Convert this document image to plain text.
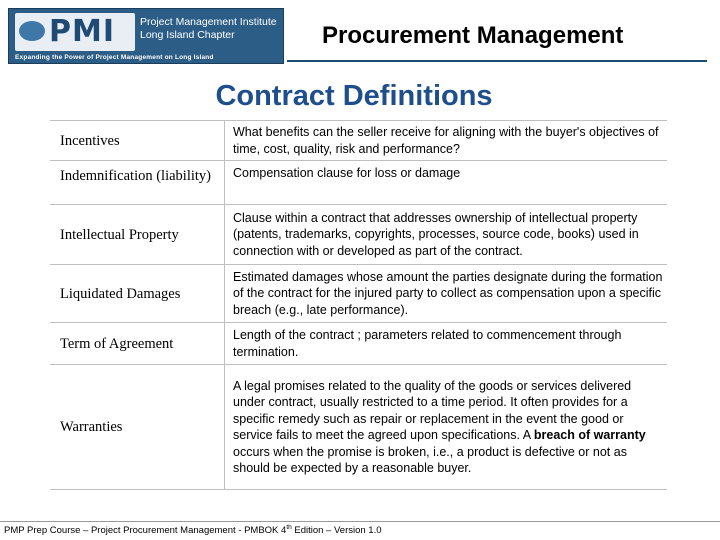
PMI Project Management Institute
Long Island Chapter
Expanding the Power of Project Management on Long Island
Procurement Management
Contract Definitions
Incentives	What benefits can the seller receive for aligning with the buyer's objectives of time, cost, quality, risk and performance?
Indemnification (liability)	Compensation clause for loss or damage
Intellectual Property	Clause within a contract that addresses ownership of intellectual property (patents, trademarks, copyrights, processes, source code, books) used in connection with or developed as part of the contract.
Liquidated Damages	Estimated damages whose amount the parties designate during the formation of the contract for the injured party to collect as compensation upon a specific breach (e.g., late performance).
Term of Agreement	Length of the contract ; parameters related to commencement through termination.
Warranties	A legal promises related to the quality of the goods or services delivered under contract, usually restricted to a time period. It often provides for a specific remedy such as repair or replacement in the event the good or service fails to meet the agreed upon specifications. A breach of warranty occurs when the promise is broken, i.e., a product is defective or not as should be expected by a reasonable buyer.
PMP Prep Course – Project Procurement Management - PMBOK 4th Edition – Version 1.0
